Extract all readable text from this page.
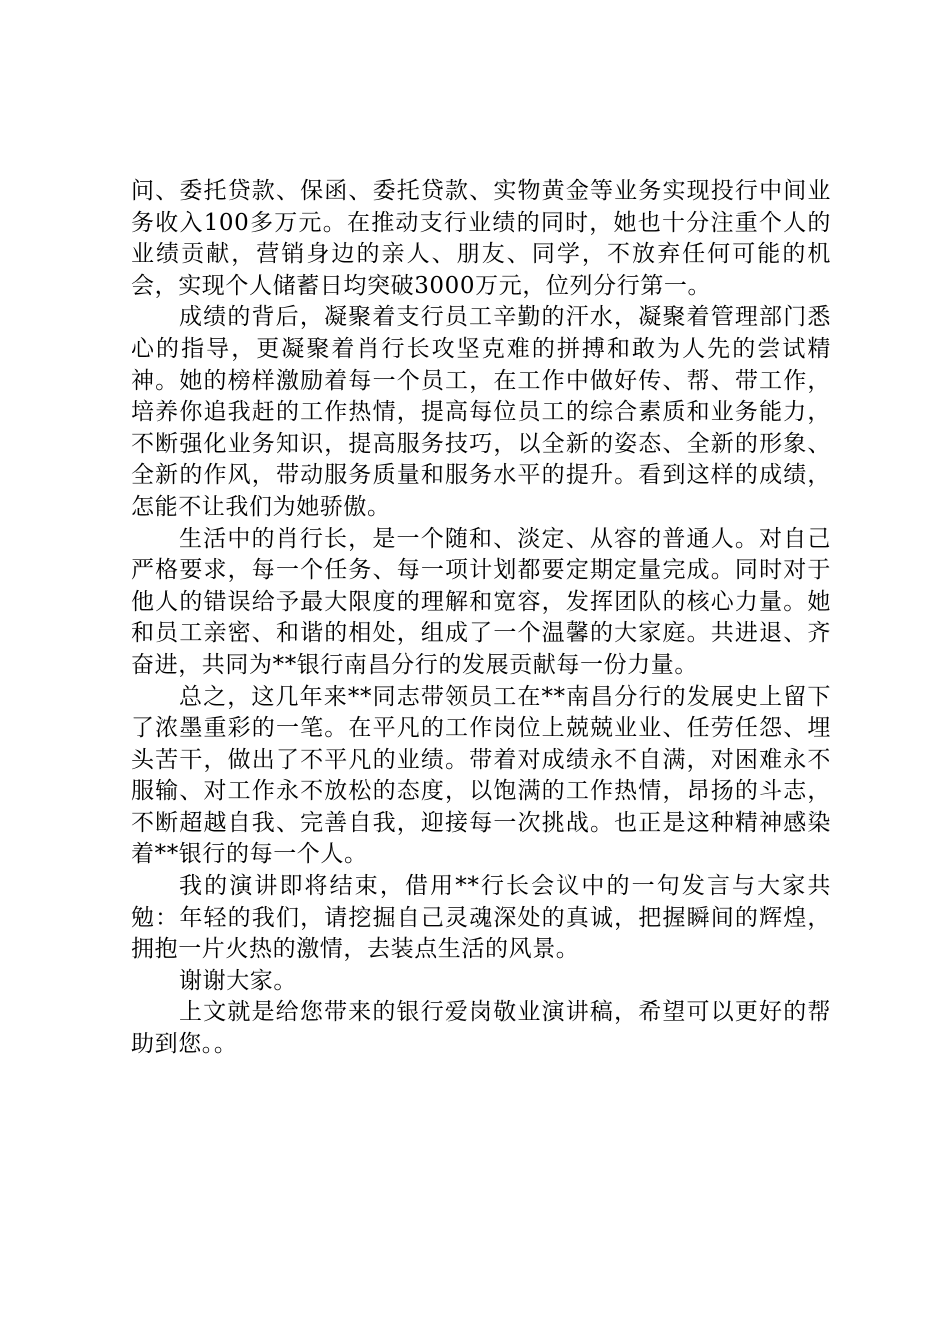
问、委托贷款、保函、委托贷款、实物黄金等业务实现投行中间业务收入100多万元。在推动支行业绩的同时，她也十分注重个人的业绩贡献，营销身边的亲人、朋友、同学，不放弃任何可能的机会，实现个人储蓄日均突破3000万元，位列分行第一。

成绩的背后，凝聚着支行员工辛勤的汗水，凝聚着管理部门悉心的指导，更凝聚着肖行长攻坚克难的拼搏和敢为人先的尝试精神。她的榜样激励着每一个员工，在工作中做好传、帮、带工作，培养你追我赶的工作热情，提高每位员工的综合素质和业务能力，不断强化业务知识，提高服务技巧，以全新的姿态、全新的形象、全新的作风，带动服务质量和服务水平的提升。看到这样的成绩，怎能不让我们为她骄傲。

生活中的肖行长，是一个随和、淡定、从容的普通人。对自己严格要求，每一个任务、每一项计划都要定期定量完成。同时对于他人的错误给予最大限度的理解和宽容，发挥团队的核心力量。她和员工亲密、和谐的相处，组成了一个温馨的大家庭。共进退、齐奋进，共同为**银行南昌分行的发展贡献每一份力量。

总之，这几年来**同志带领员工在**南昌分行的发展史上留下了浓墨重彩的一笔。在平凡的工作岗位上兢兢业业、任劳任怨、埋头苦干，做出了不平凡的业绩。带着对成绩永不自满，对困难永不服输、对工作永不放松的态度，以饱满的工作热情，昂扬的斗志，不断超越自我、完善自我，迎接每一次挑战。也正是这种精神感染着**银行的每一个人。

我的演讲即将结束，借用**行长会议中的一句发言与大家共勉：年轻的我们，请挖掘自己灵魂深处的真诚，把握瞬间的辉煌，拥抱一片火热的激情，去装点生活的风景。

谢谢大家。

上文就是给您带来的银行爱岗敬业演讲稿，希望可以更好的帮助到您。。
